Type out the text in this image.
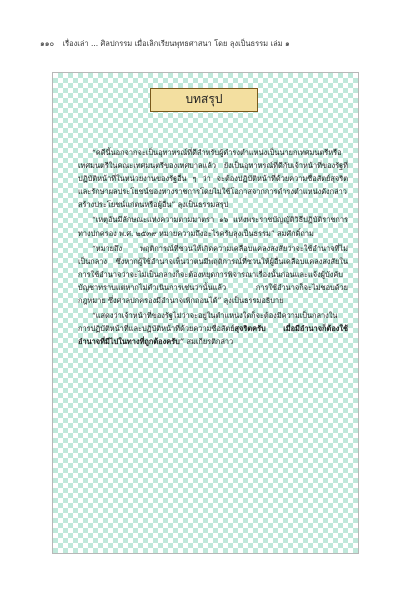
๑๑๐ เรื่องเล่า ... ศิลปกรรม เมื่อเลิกเรียนพุทธศาสนา โดย ลุงเป็นธรรม เล่ม ๑
บทสรุป

“คดีนี้นอกจากจะเป็นอุทาหรณ์ที่ดีสำหรับผู้ดำรงตำแหน่งเป็นนายกเทศมนตรีหรือเทศมนตรีในคณะเทศมนตรีของเทศบาลแล้ว ยังเป็นอุทาหรณ์ที่ดีกับเจ้าหน้าที่ของรัฐที่ปฏิบัติหน้าที่ในหน่วยงานของรัฐอื่น ๆ ว่า จะต้องปฏิบัติหน้าที่ด้วยความซื่อสัตย์สุจริตและรักษาผลประโยชน์ของทางราชการโดยไม่ใช้โอกาสจากการดำรงตำแหน่งดังกล่าวสร้างประโยชน์แก่ตนหรือผู้อื่น” ลุงเป็นธรรมสรุป

“เหตุอันมีลักษณะแห่งความตามมาตรา ๑๖ แห่งพระราชบัญญัติวิธีปฏิบัติราชการทางปกครอง พ.ศ. ๒๕๓๙ หมายความถึงอะไรครับลุงเป็นธรรม” สมศักดิ์ถาม

“หมายถึง พฤติการณ์ที่ชวนให้เกิดความเคลือบแคลงสงสัยว่าจะใช้อำนาจที่ไม่เป็นกลาง ซึ่งหากผู้ใช้อำนาจเห็นว่าตนมีพฤติการณ์ที่ชวนให้ผู้อื่นเคลือบแคลงสงสัยในการใช้อำนาจว่าจะไม่เป็นกลางก็จะต้องหยุดการพิจารณาเรื่องนั้นก่อนและแจ้งผู้บังคับบัญชาทราบแต่หากไม่ดำเนินการเช่นว่านั้นแล้ว การใช้อำนาจก็จะไม่ชอบด้วยกฎหมาย ซึ่งศาลปกครองมีอำนาจเพิกถอนได้” ลุงเป็นธรรมอธิบาย

“แสดงว่าเจ้าหน้าที่ของรัฐไม่ว่าจะอยู่ในตำแหน่งใดก็จะต้องมีความเป็นกลางในการปฏิบัติหน้าที่และปฏิบัติหน้าที่ด้วยความซื่อสัตย์สุจริตครับ เมื่อมีอำนาจก็ต้องใช้อำนาจที่มีไปในทางที่ถูกต้องครับ” สมเกียรติกล่าว
